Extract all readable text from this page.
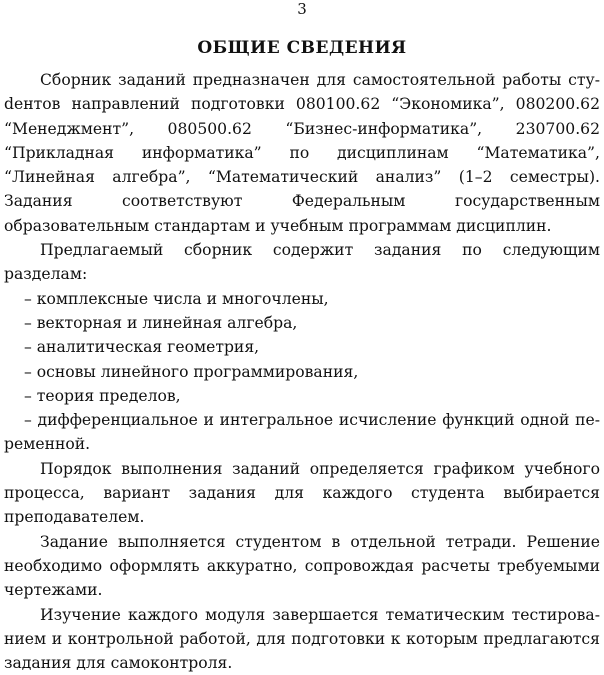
3

ОБЩИЕ СВЕДЕНИЯ

Сборник заданий предназначен для самостоятельной работы стуdентов направлений подготовки 080100.62 “Экономика”, 080200.62 “Менеджмент”, 080500.62 “Бизнес-информатика”, 230700.62 “Прикладная информатика” по дисциплинам “Математика”, “Линейная алгебра”, “Математический анализ” (1–2 семестры). Задания соответствуют Федеральным государственным образовательным стандартам и учебным программам дисциплин.

Предлагаемый сборник содержит задания по следующим разделам:

– комплексные числа и многочлены,
– векторная и линейная алгебра,
– аналитическая геометрия,
– основы линейного программирования,
– теория пределов,
– дифференциальное и интегральное исчисление функций одной переменной.

Порядок выполнения заданий определяется графиком учебного процесса, вариант задания для каждого студента выбирается преподавателем.

Задание выполняется студентом в отдельной тетради. Решение необходимо оформлять аккуратно, сопровождая расчеты требуемыми чертежами.

Изучение каждого модуля завершается тематическим тестированием и контрольной работой, для подготовки к которым предлагаются задания для самоконтроля.
